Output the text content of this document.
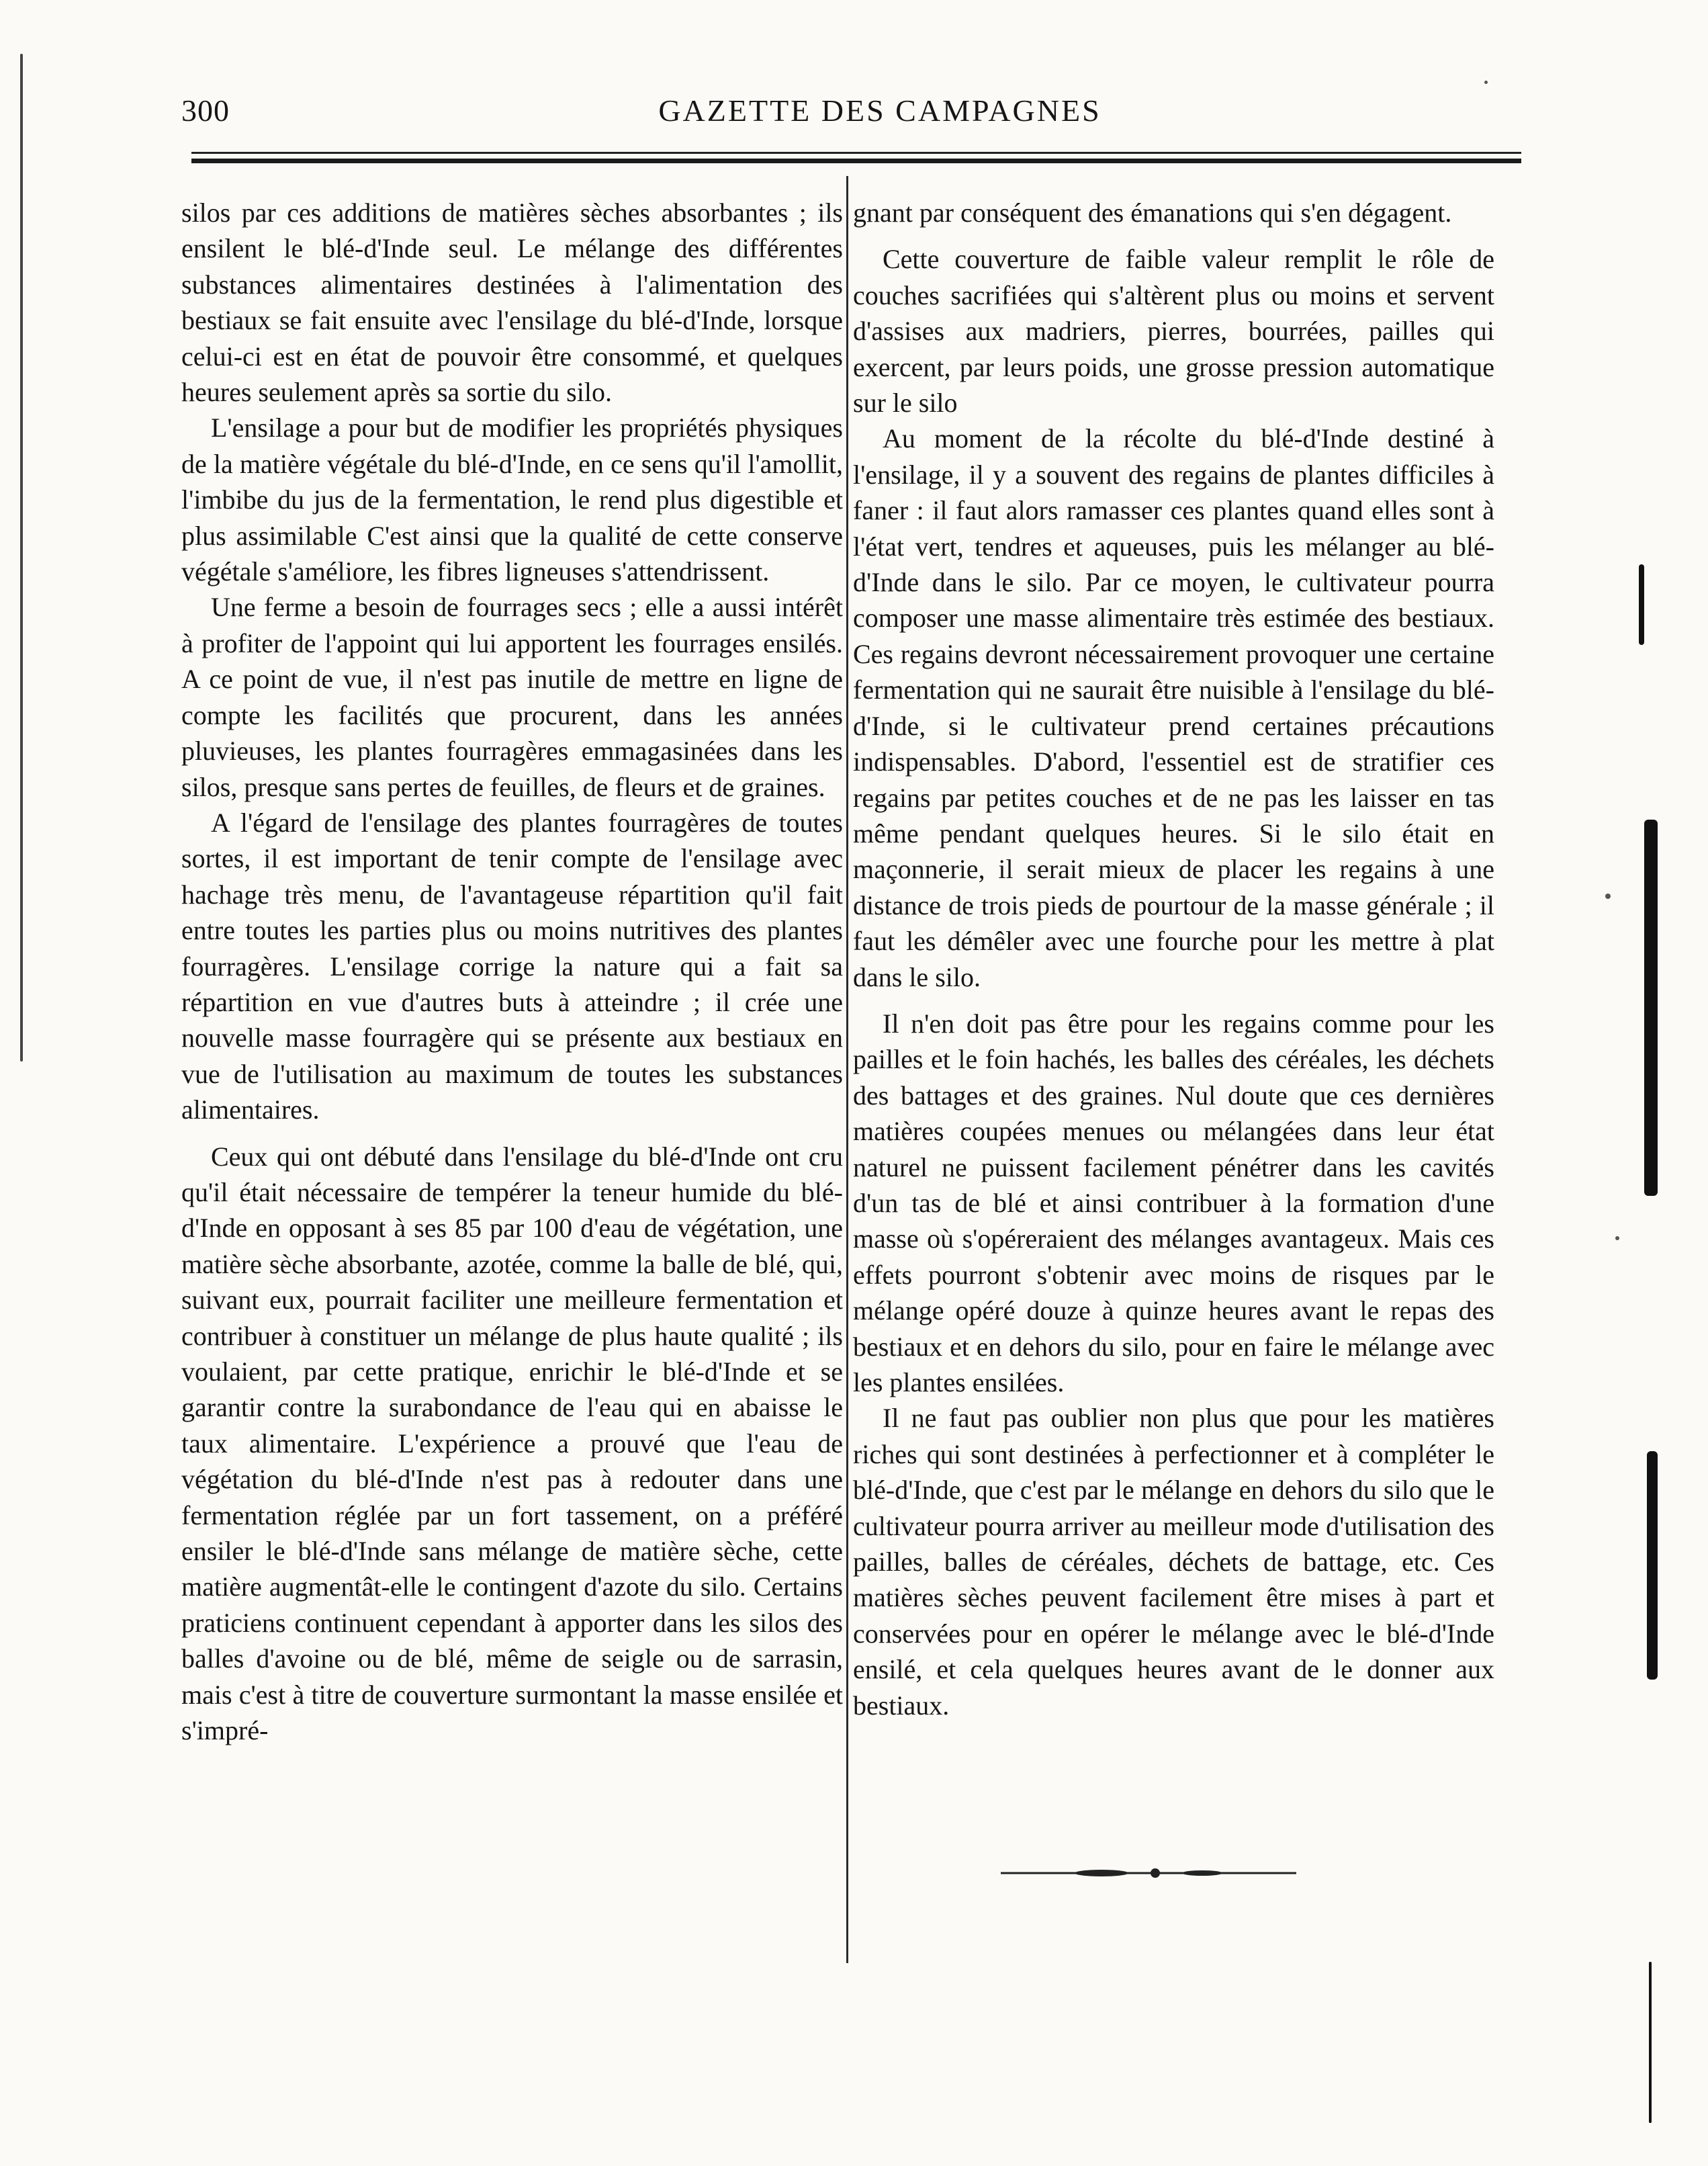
300	GAZETTE DES CAMPAGNES

silos par ces additions de matières sèches absorbantes ; ils ensilent le blé-d'Inde seul. Le mélange des différentes substances alimentaires destinées à l'alimentation des bestiaux se fait ensuite avec l'ensilage du blé-d'Inde, lorsque celui-ci est en état de pouvoir être consommé, et quelques heures seulement après sa sortie du silo.

L'ensilage a pour but de modifier les propriétés physiques de la matière végétale du blé-d'Inde, en ce sens qu'il l'amollit, l'imbibe du jus de la fermentation, le rend plus digestible et plus assimilable C'est ainsi que la qualité de cette conserve végétale s'améliore, les fibres ligneuses s'attendrissent.

Une ferme a besoin de fourrages secs ; elle a aussi intérêt à profiter de l'appoint qui lui apportent les fourrages ensilés. A ce point de vue, il n'est pas inutile de mettre en ligne de compte les facilités que procurent, dans les années pluvieuses, les plantes fourragères emmagasinées dans les silos, presque sans pertes de feuilles, de fleurs et de graines.

A l'égard de l'ensilage des plantes fourragères de toutes sortes, il est important de tenir compte de l'ensilage avec hachage très menu, de l'avantageuse répartition qu'il fait entre toutes les parties plus ou moins nutritives des plantes fourragères. L'ensilage corrige la nature qui a fait sa répartition en vue d'autres buts à atteindre ; il crée une nouvelle masse fourragère qui se présente aux bestiaux en vue de l'utilisation au maximum de toutes les substances alimentaires.

Ceux qui ont débuté dans l'ensilage du blé-d'Inde ont cru qu'il était nécessaire de tempérer la teneur humide du blé-d'Inde en opposant à ses 85 par 100 d'eau de végétation, une matière sèche absorbante, azotée, comme la balle de blé, qui, suivant eux, pourrait faciliter une meilleure fermentation et contribuer à constituer un mélange de plus haute qualité ; ils voulaient, par cette pratique, enrichir le blé-d'Inde et se garantir contre la surabondance de l'eau qui en abaisse le taux alimentaire. L'expérience a prouvé que l'eau de végétation du blé-d'Inde n'est pas à redouter dans une fermentation réglée par un fort tassement, on a préféré ensiler le blé-d'Inde sans mélange de matière sèche, cette matière augmentât-elle le contingent d'azote du silo. Certains praticiens continuent cependant à apporter dans les silos des balles d'avoine ou de blé, même de seigle ou de sarrasin, mais c'est à titre de couverture surmontant la masse ensilée et s'impré-

gnant par conséquent des émanations qui s'en dégagent.

Cette couverture de faible valeur remplit le rôle de couches sacrifiées qui s'altèrent plus ou moins et servent d'assises aux madriers, pierres, bourrées, pailles qui exercent, par leurs poids, une grosse pression automatique sur le silo

Au moment de la récolte du blé-d'Inde destiné à l'ensilage, il y a souvent des regains de plantes difficiles à faner : il faut alors ramasser ces plantes quand elles sont à l'état vert, tendres et aqueuses, puis les mélanger au blé-d'Inde dans le silo. Par ce moyen, le cultivateur pourra composer une masse alimentaire très estimée des bestiaux. Ces regains devront nécessairement provoquer une certaine fermentation qui ne saurait être nuisible à l'ensilage du blé-d'Inde, si le cultivateur prend certaines précautions indispensables. D'abord, l'essentiel est de stratifier ces regains par petites couches et de ne pas les laisser en tas même pendant quelques heures. Si le silo était en maçonnerie, il serait mieux de placer les regains à une distance de trois pieds de pourtour de la masse générale ; il faut les démêler avec une fourche pour les mettre à plat dans le silo.

Il n'en doit pas être pour les regains comme pour les pailles et le foin hachés, les balles des céréales, les déchets des battages et des graines. Nul doute que ces dernières matières coupées menues ou mélangées dans leur état naturel ne puissent facilement pénétrer dans les cavités d'un tas de blé et ainsi contribuer à la formation d'une masse où s'opéreraient des mélanges avantageux. Mais ces effets pourront s'obtenir avec moins de risques par le mélange opéré douze à quinze heures avant le repas des bestiaux et en dehors du silo, pour en faire le mélange avec les plantes ensilées.

Il ne faut pas oublier non plus que pour les matières riches qui sont destinées à perfectionner et à compléter le blé-d'Inde, que c'est par le mélange en dehors du silo que le cultivateur pourra arriver au meilleur mode d'utilisation des pailles, balles de céréales, déchets de battage, etc. Ces matières sèches peuvent facilement être mises à part et conservées pour en opérer le mélange avec le blé-d'Inde ensilé, et cela quelques heures avant de le donner aux bestiaux.
